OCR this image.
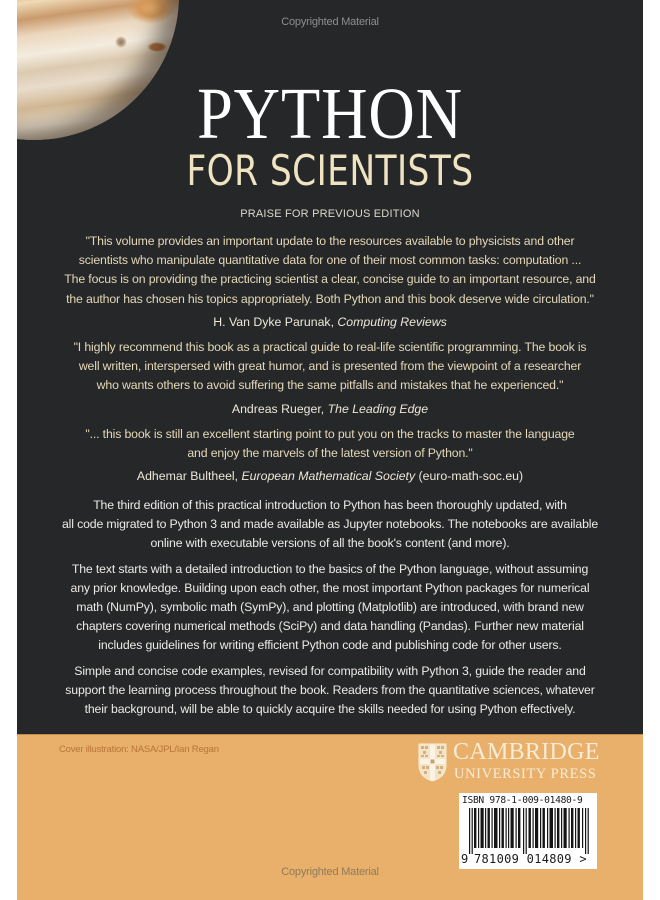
Copyrighted Material
PYTHON
FOR SCIENTISTS
PRAISE FOR PREVIOUS EDITION
"This volume provides an important update to the resources available to physicists and other
scientists who manipulate quantitative data for one of their most common tasks: computation ...
The focus is on providing the practicing scientist a clear, concise guide to an important resource, and
the author has chosen his topics appropriately. Both Python and this book deserve wide circulation."
H. Van Dyke Parunak, Computing Reviews
"I highly recommend this book as a practical guide to real-life scientific programming. The book is
well written, interspersed with great humor, and is presented from the viewpoint of a researcher
who wants others to avoid suffering the same pitfalls and mistakes that he experienced."
Andreas Rueger, The Leading Edge
"... this book is still an excellent starting point to put you on the tracks to master the language
and enjoy the marvels of the latest version of Python."
Adhemar Bultheel, European Mathematical Society (euro-math-soc.eu)

The third edition of this practical introduction to Python has been thoroughly updated, with
all code migrated to Python 3 and made available as Jupyter notebooks. The notebooks are available
online with executable versions of all the book's content (and more).

The text starts with a detailed introduction to the basics of the Python language, without assuming
any prior knowledge. Building upon each other, the most important Python packages for numerical
math (NumPy), symbolic math (SymPy), and plotting (Matplotlib) are introduced, with brand new
chapters covering numerical methods (SciPy) and data handling (Pandas). Further new material
includes guidelines for writing efficient Python code and publishing code for other users.

Simple and concise code examples, revised for compatibility with Python 3, guide the reader and
support the learning process throughout the book. Readers from the quantitative sciences, whatever
their background, will be able to quickly acquire the skills needed for using Python effectively.

Cover illustration: NASA/JPL/Ian Regan	CAMBRIDGE
UNIVERSITY PRESS
ISBN 978-1-009-01480-9
9 781009 014809 >
Copyrighted Material
